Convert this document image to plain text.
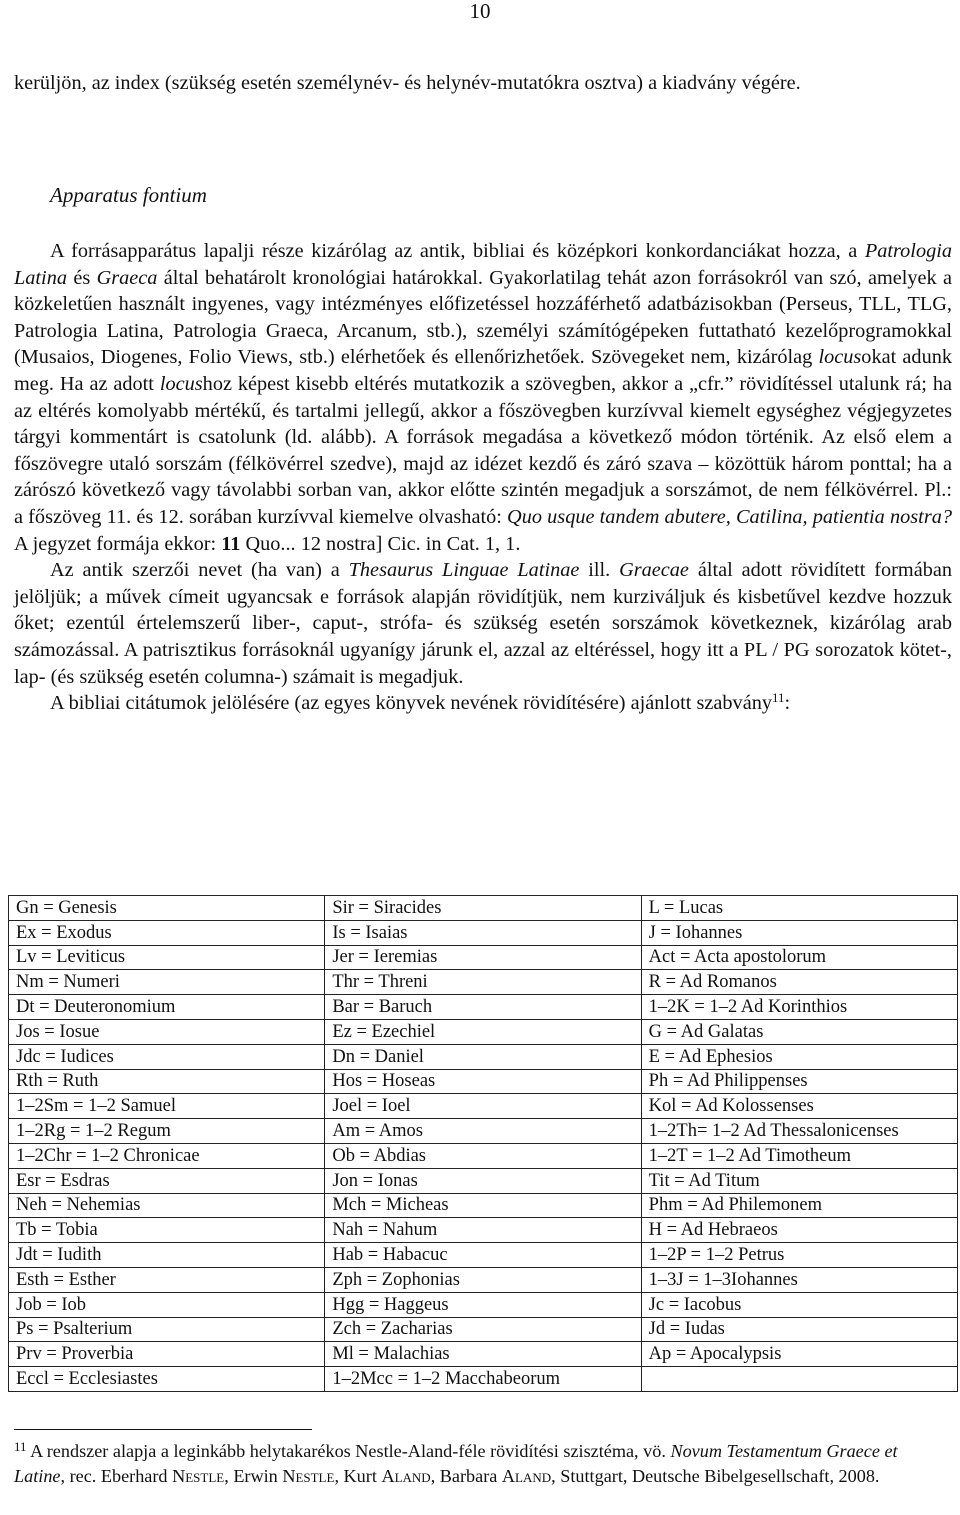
10
kerüljön, az index (szükség esetén személynév- és helynév-mutatókra osztva) a kiadvány végére.
Apparatus fontium
A forrásapparátus lapalji része kizárólag az antik, bibliai és középkori konkordanciákat hozza, a Patrologia Latina és Graeca által behatárolt kronológiai határokkal. Gyakorlatilag tehát azon forrásokról van szó, amelyek a közkeletűen használt ingyenes, vagy intézményes előfizetéssel hozzáférhető adatbázisokban (Perseus, TLL, TLG, Patrologia Latina, Patrologia Graeca, Arcanum, stb.), személyi számítógépeken futtatható kezelőprogramokkal (Musaios, Diogenes, Folio Views, stb.) elérhetőek és ellenőrizhetőek. Szövegeket nem, kizárólag locusokat adunk meg. Ha az adott locushoz képest kisebb eltérés mutatkozik a szövegben, akkor a „cfr.” rövidítéssel utalunk rá; ha az eltérés komolyabb mértékű, és tartalmi jellegű, akkor a főszövegben kurzívval kiemelt egységhez végjegyzetes tárgyi kommentárt is csatolunk (ld. alább). A források megadása a következő módon történik. Az első elem a főszövegre utaló sorszám (félkövérrel szedve), majd az idézet kezdő és záró szava – közöttük három ponttal; ha a zárószó következő vagy távolabbi sorban van, akkor előtte szintén megadjuk a sorszámot, de nem félkövérrel. Pl.: a főszöveg 11. és 12. sorában kurzívval kiemelve olvasható: Quo usque tandem abutere, Catilina, patientia nostra? A jegyzet formája ekkor: 11 Quo... 12 nostra] Cic. in Cat. 1, 1.
Az antik szerzői nevet (ha van) a Thesaurus Linguae Latinae ill. Graecae által adott rövidített formában jelöljük; a művek címeit ugyancsak e források alapján rövidítjük, nem kurziváljuk és kisbetűvel kezdve hozzuk őket; ezentúl értelemszerű liber-, caput-, strófa- és szükség esetén sorszámok következnek, kizárólag arab számozással. A patrisztikus forrásoknál ugyanígy járunk el, azzal az eltéréssel, hogy itt a PL / PG sorozatok kötet-, lap- (és szükség esetén columna-) számait is megadjuk.
A bibliai citátumok jelölésére (az egyes könyvek nevének rövidítésére) ajánlott szabvány$^{11}$:
Gn = Genesis	Sir = Siracides	L = Lucas
Ex = Exodus	Is = Isaias	J = Iohannes
Lv = Leviticus	Jer = Ieremias	Act = Acta apostolorum
Nm = Numeri	Thr = Threni	R = Ad Romanos
Dt = Deuteronomium	Bar = Baruch	1–2K = 1–2 Ad Korinthios
Jos = Iosue	Ez = Ezechiel	G = Ad Galatas
Jdc = Iudices	Dn = Daniel	E = Ad Ephesios
Rth = Ruth	Hos = Hoseas	Ph = Ad Philippenses
1–2Sm = 1–2 Samuel	Joel = Ioel	Kol = Ad Kolossenses
1–2Rg = 1–2 Regum	Am = Amos	1–2Th= 1–2 Ad Thessalonicenses
1–2Chr = 1–2 Chronicae	Ob = Abdias	1–2T = 1–2 Ad Timotheum
Esr = Esdras	Jon = Ionas	Tit = Ad Titum
Neh = Nehemias	Mch = Micheas	Phm = Ad Philemonem
Tb = Tobia	Nah = Nahum	H = Ad Hebraeos
Jdt = Iudith	Hab = Habacuc	1–2P = 1–2 Petrus
Esth = Esther	Zph = Zophonias	1–3J = 1–3Iohannes
Job = Iob	Hgg = Haggeus	Jc = Iacobus
Ps = Psalterium	Zch = Zacharias	Jd = Iudas
Prv = Proverbia	Ml = Malachias	Ap = Apocalypsis
Eccl = Ecclesiastes	1–2Mcc = 1–2 Macchabeorum	
$^{11}$ A rendszer alapja a leginkább helytakarékos Nestle-Aland-féle rövidítési szisztéma, vö. Novum Testamentum Graece et Latine, rec. Eberhard Nestle, Erwin Nestle, Kurt Aland, Barbara Aland, Stuttgart, Deutsche Bibelgesellschaft, 2008.
